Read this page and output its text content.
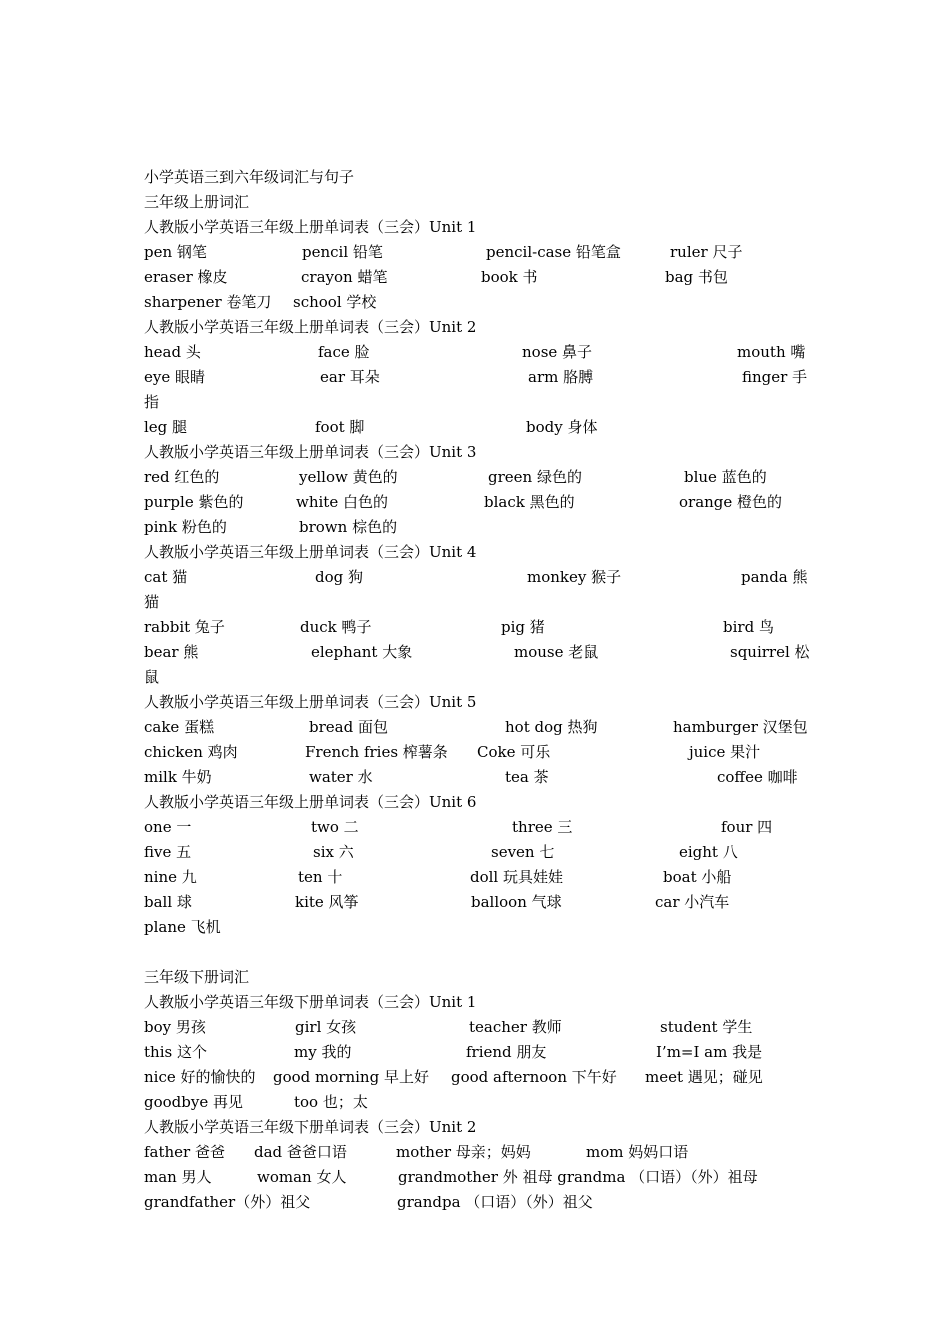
小学英语三到六年级词汇与句子
三年级上册词汇
人教版小学英语三年级上册单词表（三会）Unit 1
pen 钢笔	pencil 铅笔	pencil-case 铅笔盒	ruler 尺子
eraser 橡皮	crayon 蜡笔	book 书	bag 书包
sharpener 卷笔刀 school 学校
人教版小学英语三年级上册单词表（三会）Unit 2
head 头	face 脸	nose 鼻子	mouth 嘴
eye 眼睛	ear 耳朵	arm 胳膊	finger 手
指
leg 腿	foot 脚	body 身体
人教版小学英语三年级上册单词表（三会）Unit 3
red 红色的	yellow 黄色的	green 绿色的	blue 蓝色的
purple 紫色的	white 白色的	black 黑色的	orange 橙色的
pink 粉色的	brown 棕色的
人教版小学英语三年级上册单词表（三会）Unit 4
cat 猫	dog 狗	monkey 猴子	panda 熊
猫
rabbit 兔子	duck 鸭子	pig 猪	bird 鸟
bear 熊	elephant 大象	mouse 老鼠	squirrel 松
鼠
人教版小学英语三年级上册单词表（三会）Unit 5
cake 蛋糕	bread 面包	hot dog 热狗	hamburger 汉堡包
chicken 鸡肉	French fries 榨薯条 Coke 可乐	juice 果汁
milk 牛奶	water 水	tea 茶	coffee 咖啡
人教版小学英语三年级上册单词表（三会）Unit 6
one 一	two 二	three 三	four 四
five 五	six 六	seven 七	eight 八
nine 九	ten 十	doll 玩具娃娃	boat 小船
ball 球	kite 风筝	balloon 气球	car 小汽车
plane 飞机
三年级下册词汇
人教版小学英语三年级下册单词表（三会）Unit 1
boy 男孩	girl 女孩	teacher 教师	student 学生
this 这个	my 我的	friend 朋友	I’m=I am 我是
nice 好的愉快的 good morning 早上好 good afternoon 下午好 meet 遇见；碰见
goodbye 再见	too 也；太
人教版小学英语三年级下册单词表（三会）Unit 2
father 爸爸 dad 爸爸口语	mother 母亲；妈妈	mom 妈妈口语
man 男人	woman 女人	grandmother 外 祖母 grandma （口语）（外）祖母
grandfather（外）祖父	grandpa （口语）（外）祖父
